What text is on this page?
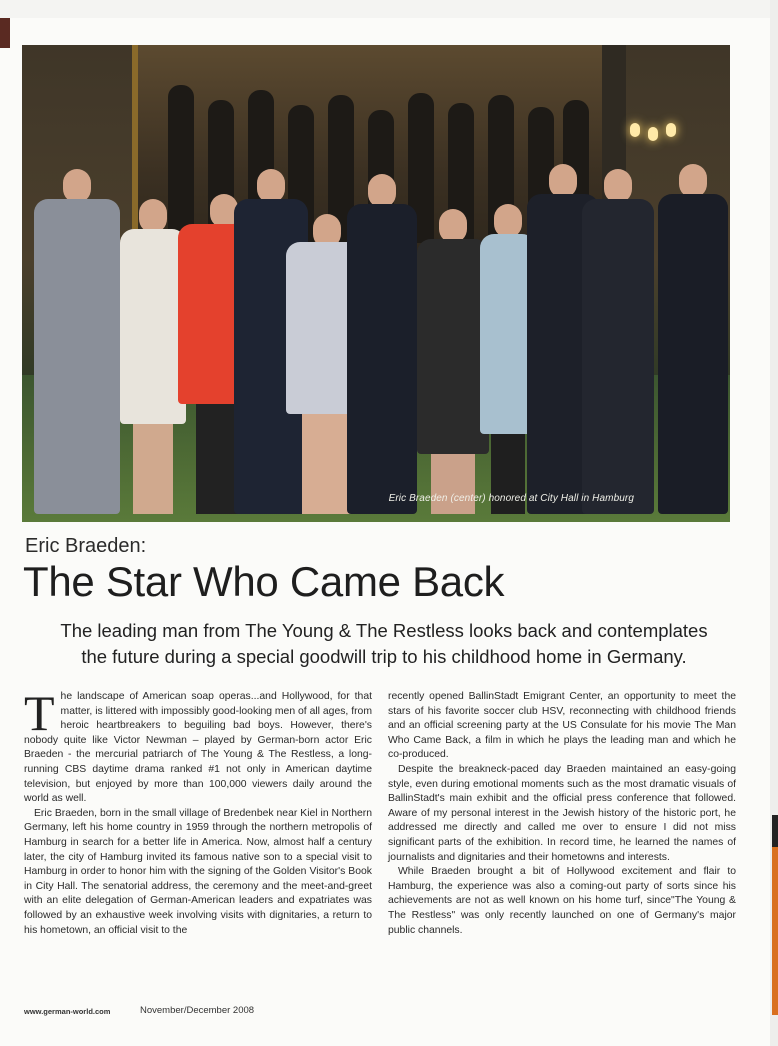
Eric Braeden (center) honored at City Hall in Hamburg
Eric Braeden:
The Star Who Came Back
The leading man from The Young & The Restless looks back and contemplates
the future during a special goodwill trip to his childhood home in Germany.

The landscape of American soap operas...and Hollywood, for that matter, is littered with impossibly good-looking men of all ages, from heroic heartbreakers to beguiling bad boys. However, there's nobody quite like Victor Newman – played by German-born actor Eric Braeden - the mercurial patriarch of The Young & The Restless, a long-running CBS daytime drama ranked #1 not only in American daytime television, but enjoyed by more than 100,000 viewers daily around the world as well.

Eric Braeden, born in the small village of Bredenbek near Kiel in Northern Germany, left his home country in 1959 through the northern metropolis of Hamburg in search for a better life in America. Now, almost half a century later, the city of Hamburg invited its famous native son to a special visit to Hamburg in order to honor him with the signing of the Golden Visitor's Book in City Hall. The senatorial address, the ceremony and the meet-and-greet with an elite delegation of German-American leaders and expatriates was followed by an exhaustive week involving visits with dignitaries, a return to his hometown, an official visit to the

recently opened BallinStadt Emigrant Center, an opportunity to meet the stars of his favorite soccer club HSV, reconnecting with childhood friends and an official screening party at the US Consulate for his movie The Man Who Came Back, a film in which he plays the leading man and which he co-produced.

Despite the breakneck-paced day Braeden maintained an easy-going style, even during emotional moments such as the most dramatic visuals of BallinStadt's main exhibit and the official press conference that followed. Aware of my personal interest in the Jewish history of the historic port, he addressed me directly and called me over to ensure I did not miss significant parts of the exhibition. In record time, he learned the names of journalists and dignitaries and their hometowns and interests.

While Braeden brought a bit of Hollywood excitement and flair to Hamburg, the experience was also a coming-out party of sorts since his achievements are not as well known on his home turf, since"The Young & The Restless" was only recently launched on one of Germany's major public channels.

www.german-world.com	November/December 2008
